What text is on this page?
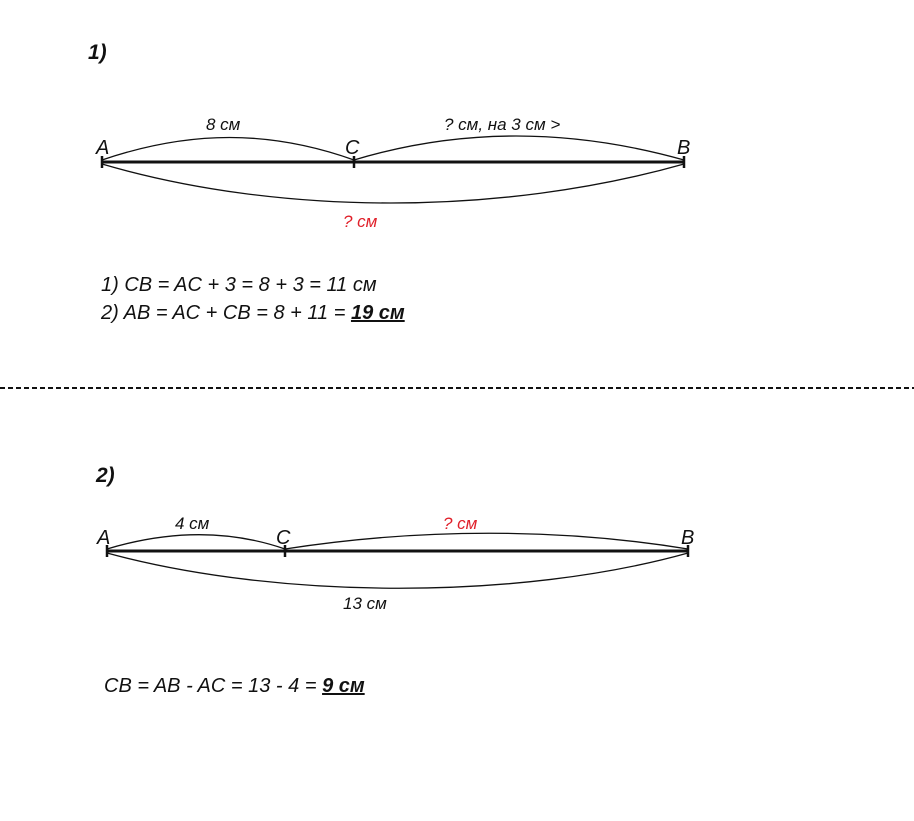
1)
A	C	B
8 см	? см, на 3 см >
? см
1) CB = AC + 3 = 8 + 3 = 11 см
2) AB = AC + CB = 8 + 11 = 19 см
2)
A	C	B
4 см	? см
13 см
CB = AB - AC = 13 - 4 = 9 см
